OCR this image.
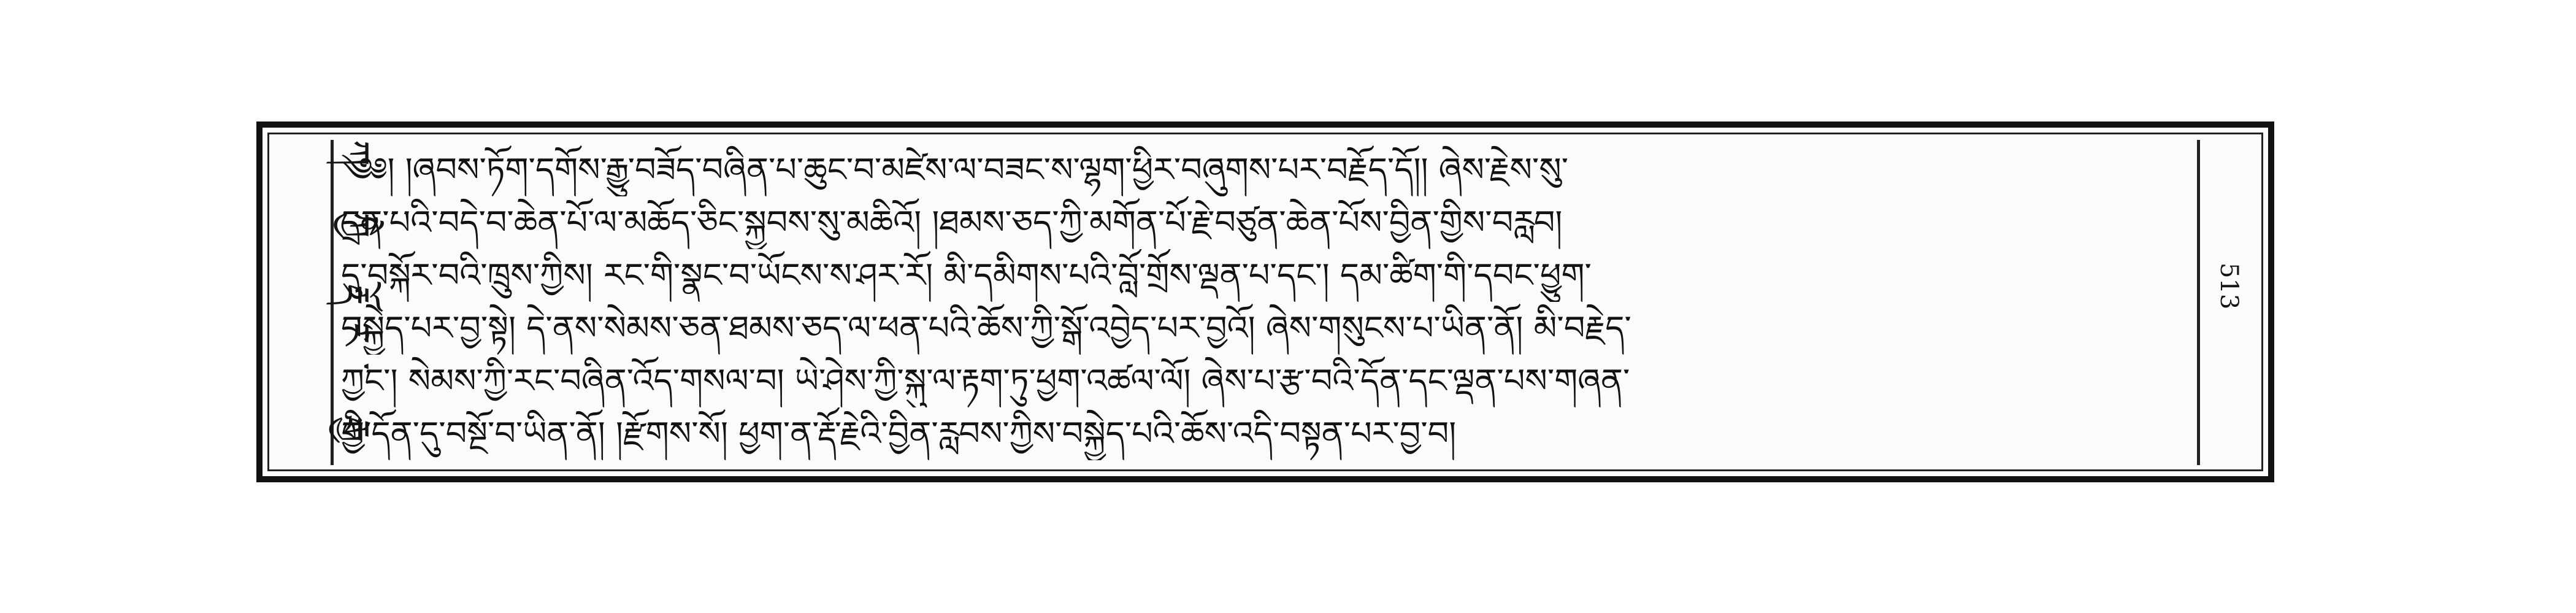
ཀ ཀྱཻ རྡོར་ རྒྱ
༄༅། །ཞབས་ཏོག་དགོས་རྒྱུ་བཟོད་བཞིན་པ་ཆུང་བ་མཛེས་ལ་བཟང་ས་ལྷག་ཕྱིར་བཞུགས་པར་བརྗོད་དོ།། ཞེས་རྗེས་སུ་
དྲན་པའི་བདེ་བ་ཆེན་པོ་ལ་མཆོད་ཅིང་སྐྱབས་སུ་མཆིའོ། །ཐམས་ཅད་ཀྱི་མགོན་པོ་རྗེ་བཙུན་ཆེན་པོས་བྱིན་གྱིས་བརླབ།
དུ་བསྐོར་བའི་ཁྲུས་ཀྱིས། རང་གི་སྣང་བ་ཡོངས་ས་ཤར་རོ། མི་དམིགས་པའི་བློ་གྲོས་ལྡན་པ་དང་། དམ་ཚིག་གི་དབང་ཕྱུག་
བསྐྱེད་པར་བྱ་སྟེ། དེ་ནས་སེམས་ཅན་ཐམས་ཅད་ལ་ཕན་པའི་ཆོས་ཀྱི་སྒོ་འབྱེད་པར་བྱའོ། ཞེས་གསུངས་པ་ཡིན་ནོ། མི་བརྗེད་
ཀྱང་། སེམས་ཀྱི་རང་བཞིན་འོད་གསལ་བ། ཡེ་ཤེས་ཀྱི་སྐུ་ལ་རྟག་ཏུ་ཕྱག་འཚལ་ལོ། ཞེས་པ་རྩ་བའི་དོན་དང་ལྡན་པས་གཞན་
གྱི་དོན་དུ་བསྔོ་བ་ཡིན་ནོ། །རྫོགས་སོ། ཕྱག་ན་རྡོ་རྗེའི་བྱིན་རླབས་ཀྱིས་བསྐྱེད་པའི་ཆོས་འདི་བསྟན་པར་བྱ་བ།
513
